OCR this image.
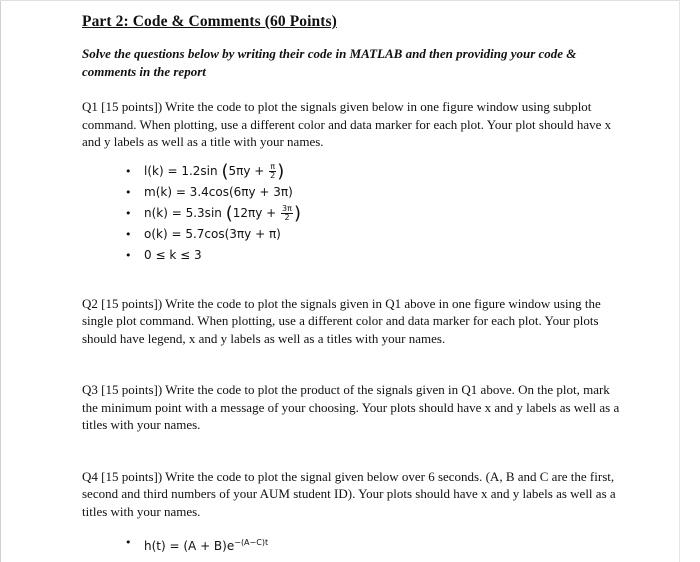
Part 2: Code & Comments (60 Points)
Solve the questions below by writing their code in MATLAB and then providing your code & comments in the report

Q1 [15 points]) Write the code to plot the signals given below in one figure window using subplot command. When plotting, use a different color and data marker for each plot. Your plot should have x and y labels as well as a title with your names.

• l(k) = 1.2sin ($5\pi y + \frac{\pi}{2}$ )
• m(k) = 3.4cos(6πy + 3π)
• n(k) = 5.3sin ($12\pi y + \frac{3\pi}{2}$ )
• o(k) = 5.7cos(3πy + π)
• 0 ≤ k ≤ 3

Q2 [15 points]) Write the code to plot the signals given in Q1 above in one figure window using the single plot command. When plotting, use a different color and data marker for each plot. Your plots should have legend, x and y labels as well as a titles with your names.

Q3 [15 points]) Write the code to plot the product of the signals given in Q1 above. On the plot, mark the minimum point with a message of your choosing. Your plots should have x and y labels as well as a titles with your names.

Q4 [15 points]) Write the code to plot the signal given below over 6 seconds. (A, B and C are the first, second and third numbers of your AUM student ID). Your plots should have x and y labels as well as a titles with your names.

• $h(t) = (A + B)e^{-(A-C)t}$
